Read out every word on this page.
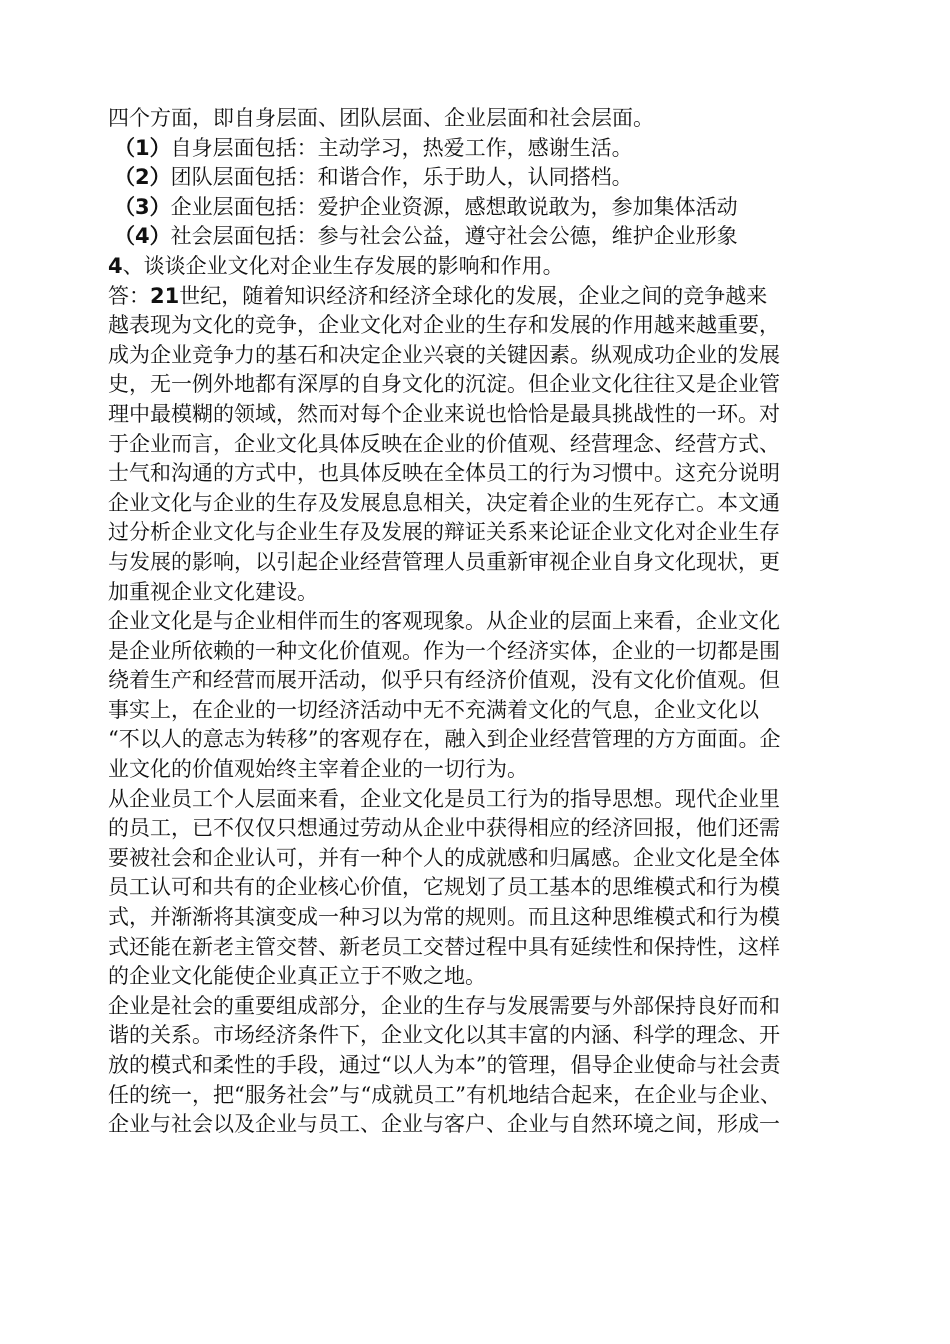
四个方面，即自身层面、团队层面、企业层面和社会层面。
（1）自身层面包括：主动学习，热爱工作，感谢生活。
（2）团队层面包括：和谐合作，乐于助人，认同搭档。
（3）企业层面包括：爱护企业资源，感想敢说敢为，参加集体活动
（4）社会层面包括：参与社会公益，遵守社会公德，维护企业形象
4、谈谈企业文化对企业生存发展的影响和作用。
答：21世纪，随着知识经济和经济全球化的发展，企业之间的竞争越来
越表现为文化的竞争，企业文化对企业的生存和发展的作用越来越重要，
成为企业竞争力的基石和决定企业兴衰的关键因素。纵观成功企业的发展
史，无一例外地都有深厚的自身文化的沉淀。但企业文化往往又是企业管
理中最模糊的领域，然而对每个企业来说也恰恰是最具挑战性的一环。对
于企业而言，企业文化具体反映在企业的价值观、经营理念、经营方式、
士气和沟通的方式中，也具体反映在全体员工的行为习惯中。这充分说明
企业文化与企业的生存及发展息息相关，决定着企业的生死存亡。本文通
过分析企业文化与企业生存及发展的辩证关系来论证企业文化对企业生存
与发展的影响，以引起企业经营管理人员重新审视企业自身文化现状，更
加重视企业文化建设。
企业文化是与企业相伴而生的客观现象。从企业的层面上来看，企业文化
是企业所依赖的一种文化价值观。作为一个经济实体，企业的一切都是围
绕着生产和经营而展开活动，似乎只有经济价值观，没有文化价值观。但
事实上，在企业的一切经济活动中无不充满着文化的气息，企业文化以
“不以人的意志为转移”的客观存在，融入到企业经营管理的方方面面。企
业文化的价值观始终主宰着企业的一切行为。
从企业员工个人层面来看，企业文化是员工行为的指导思想。现代企业里
的员工，已不仅仅只想通过劳动从企业中获得相应的经济回报，他们还需
要被社会和企业认可，并有一种个人的成就感和归属感。企业文化是全体
员工认可和共有的企业核心价值，它规划了员工基本的思维模式和行为模
式，并渐渐将其演变成一种习以为常的规则。而且这种思维模式和行为模
式还能在新老主管交替、新老员工交替过程中具有延续性和保持性，这样
的企业文化能使企业真正立于不败之地。
企业是社会的重要组成部分，企业的生存与发展需要与外部保持良好而和
谐的关系。市场经济条件下，企业文化以其丰富的内涵、科学的理念、开
放的模式和柔性的手段，通过“以人为本”的管理，倡导企业使命与社会责
任的统一，把“服务社会”与“成就员工”有机地结合起来，在企业与企业、
企业与社会以及企业与员工、企业与客户、企业与自然环境之间，形成一
